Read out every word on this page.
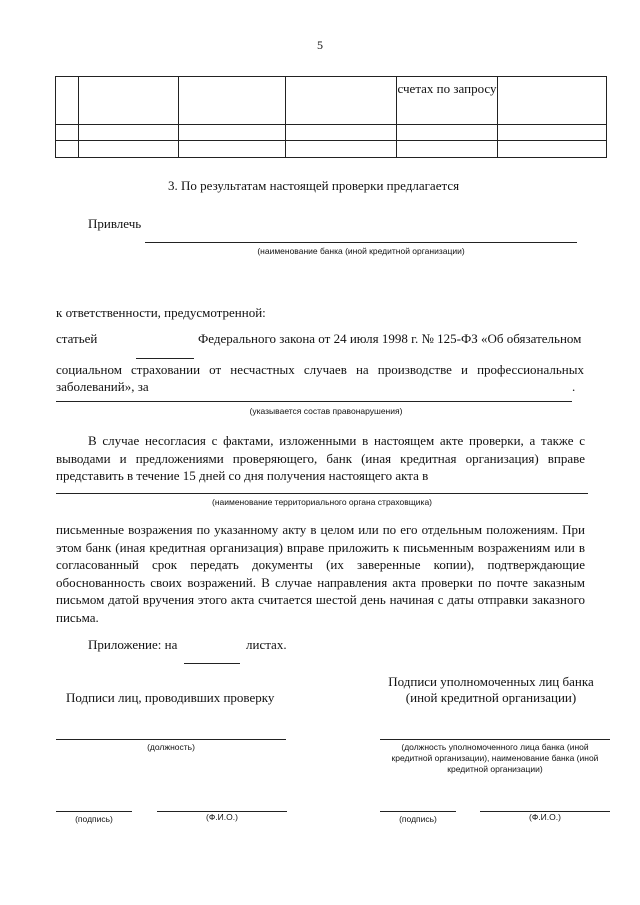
5
				счетах по запросу	

3. По результатам настоящей проверки предлагается
Привлечь
(наименование банка (иной кредитной организации)
к ответственности, предусмотренной:
статьей	Федерального закона от 24 июля 1998 г. № 125-ФЗ «Об обязательном
социальном страховании от несчастных случаев на производстве и профессиональных
заболеваний», за	.
(указывается состав правонарушения)
В случае несогласия с фактами, изложенными в настоящем акте проверки, а также с выводами и предложениями проверяющего, банк (иная кредитная организация) вправе представить в течение 15 дней со дня получения настоящего акта в
(наименование территориального органа страховщика)
письменные возражения по указанному акту в целом или по его отдельным положениям. При этом банк (иная кредитная организация) вправе приложить к письменным возражениям или в согласованный срок передать документы (их заверенные копии), подтверждающие обоснованность своих возражений. В случае направления акта проверки по почте заказным письмом датой вручения этого акта считается шестой день начиная с даты отправки заказного письма.
Приложение: на	листах.
Подписи лиц, проводивших проверку
Подписи уполномоченных лиц банка
(иной кредитной организации)
(должность)	(должность уполномоченного лица банка (иной кредитной организации), наименование банка (иной кредитной организации)
(подпись)	(Ф.И.О.)	(подпись)	(Ф.И.О.)
